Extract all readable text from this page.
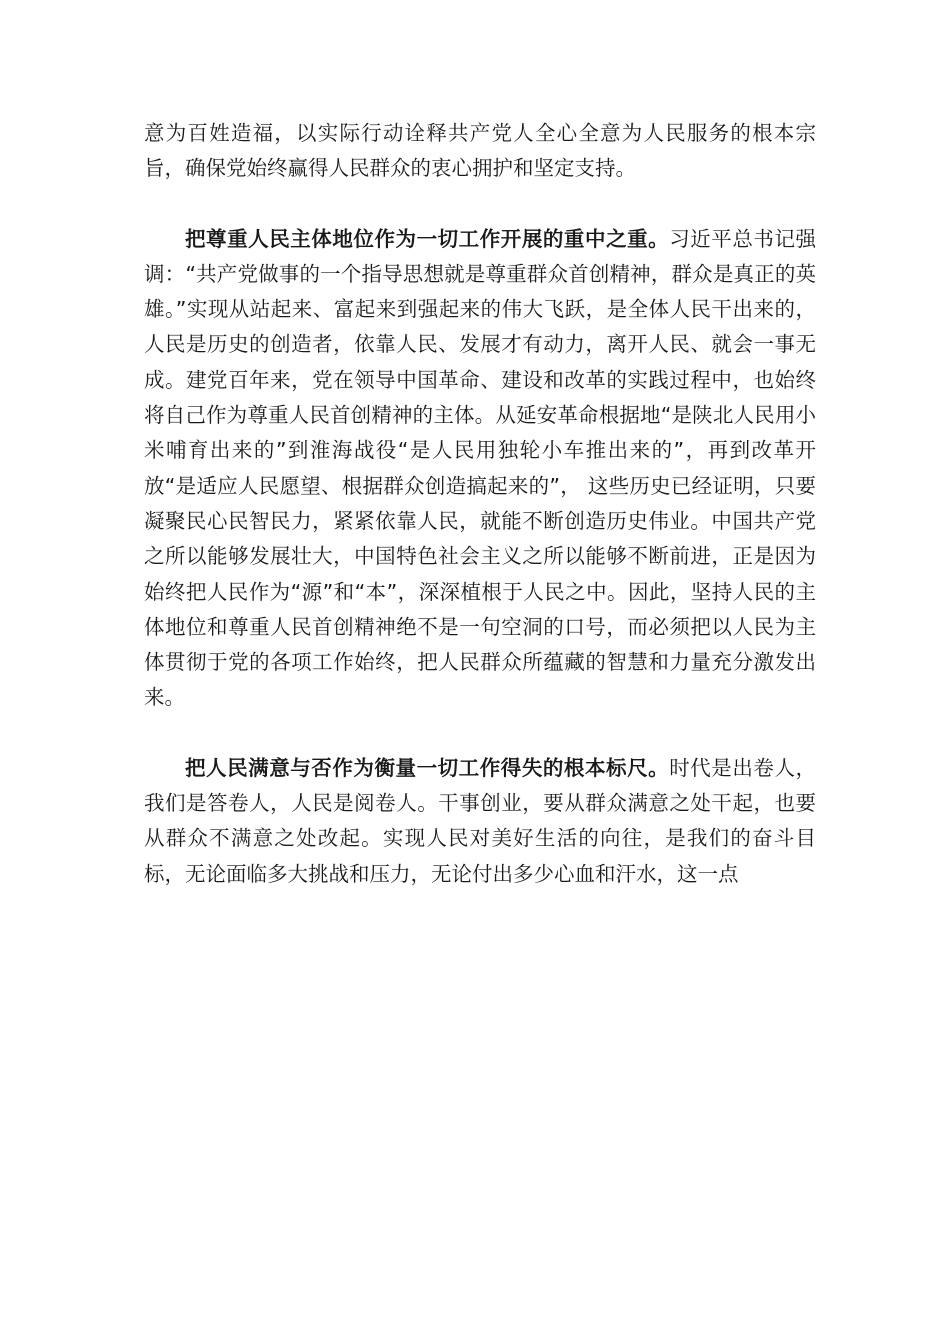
意为百姓造福，以实际行动诠释共产党人全心全意为人民服务的根本宗旨，确保党始终赢得人民群众的衷心拥护和坚定支持。

把尊重人民主体地位作为一切工作开展的重中之重。习近平总书记强调：“共产党做事的一个指导思想就是尊重群众首创精神，群众是真正的英雄。”实现从站起来、富起来到强起来的伟大飞跃，是全体人民干出来的，人民是历史的创造者，依靠人民、发展才有动力，离开人民、就会一事无成。建党百年来，党在领导中国革命、建设和改革的实践过程中，也始终将自己作为尊重人民首创精神的主体。从延安革命根据地“是陕北人民用小米哺育出来的”到淮海战役“是人民用独轮小车推出来的”，再到改革开放“是适应人民愿望、根据群众创造搞起来的”， 这些历史已经证明，只要凝聚民心民智民力，紧紧依靠人民，就能不断创造历史伟业。中国共产党之所以能够发展壮大，中国特色社会主义之所以能够不断前进，正是因为始终把人民作为“源”和“本”，深深植根于人民之中。因此，坚持人民的主体地位和尊重人民首创精神绝不是一句空洞的口号，而必须把以人民为主体贯彻于党的各项工作始终，把人民群众所蕴藏的智慧和力量充分激发出来。

把人民满意与否作为衡量一切工作得失的根本标尺。时代是出卷人，我们是答卷人，人民是阅卷人。干事创业，要从群众满意之处干起，也要从群众不满意之处改起。实现人民对美好生活的向往，是我们的奋斗目标，无论面临多大挑战和压力，无论付出多少心血和汗水，这一点
